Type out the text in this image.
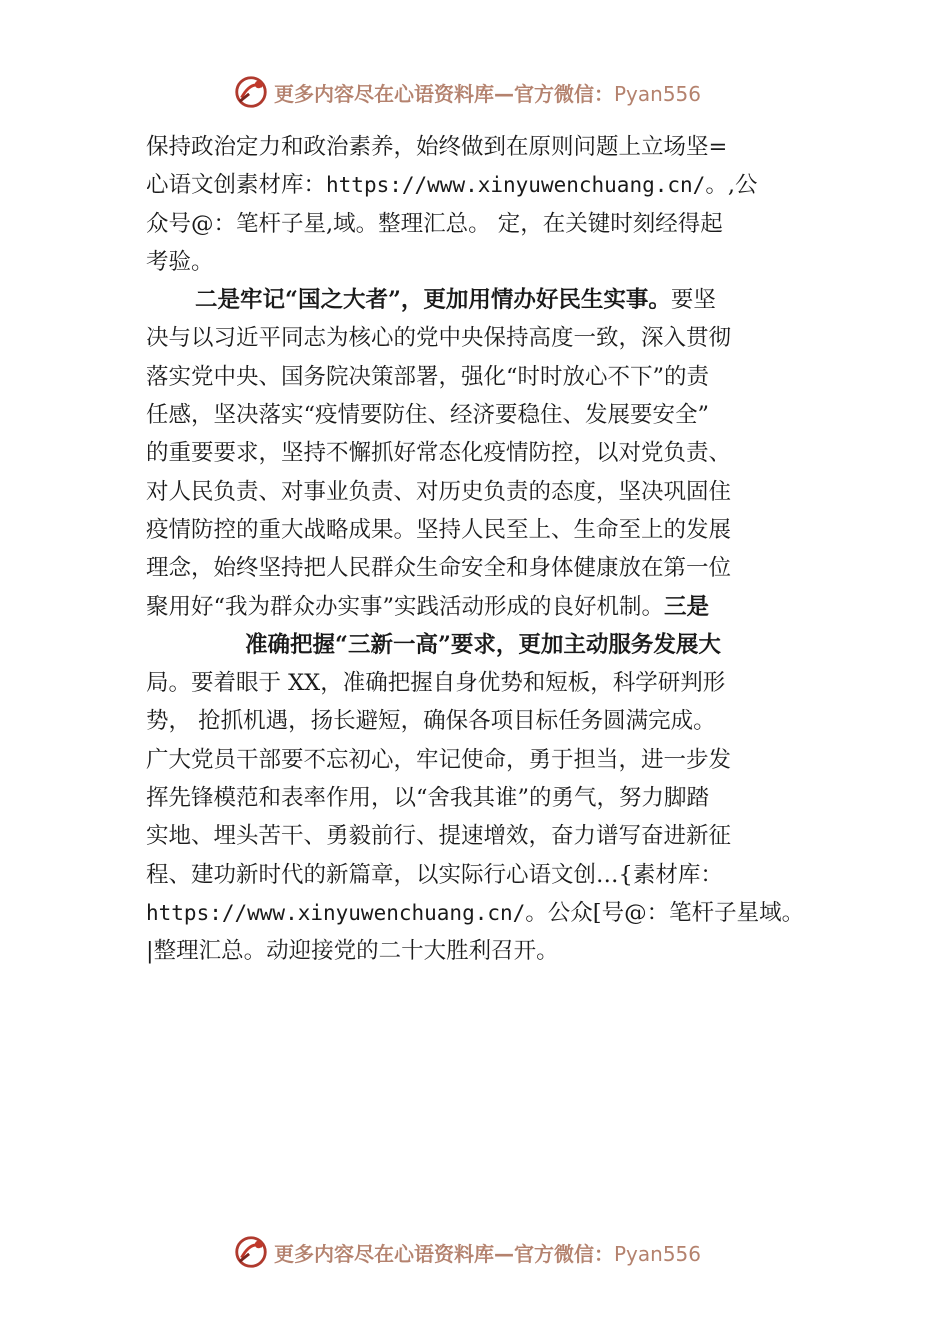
更多内容尽在心语资料库—官方微信：Pyan556
保持政治定力和政治素养，始终做到在原则问题上立场坚=
心语文创素材库：https://www.xinyuwenchuang.cn/。,公
众号@：笔杆子星,域。整理汇总。 定，在关键时刻经得起
考验。
二是牢记“国之大者”，更加用情办好民生实事。要坚
决与以习近平同志为核心的党中央保持高度一致，深入贯彻
落实党中央、国务院决策部署，强化“时时放心不下”的责
任感，坚决落实“疫情要防住、经济要稳住、发展要安全”
的重要要求，坚持不懈抓好常态化疫情防控，以对党负责、
对人民负责、对事业负责、对历史负责的态度，坚决巩固住
疫情防控的重大战略成果。坚持人民至上、生命至上的发展
理念，始终坚持把人民群众生命安全和身体健康放在第一位
聚用好“我为群众办实事”实践活动形成的良好机制。三是
准确把握“三新一高”要求，更加主动服务发展大
局。要着眼于 XX，准确把握自身优势和短板，科学研判形
势， 抢抓机遇，扬长避短，确保各项目标任务圆满完成。
广大党员干部要不忘初心，牢记使命，勇于担当，进一步发
挥先锋模范和表率作用，以“舍我其谁”的勇气，努力脚踏
实地、埋头苦干、勇毅前行、提速增效，奋力谱写奋进新征
程、建功新时代的新篇章，以实际行心语文创…{素材库：
https://www.xinyuwenchuang.cn/。公众[号@：笔杆子星域。
|整理汇总。动迎接党的二十大胜利召开。
更多内容尽在心语资料库—官方微信：Pyan556
